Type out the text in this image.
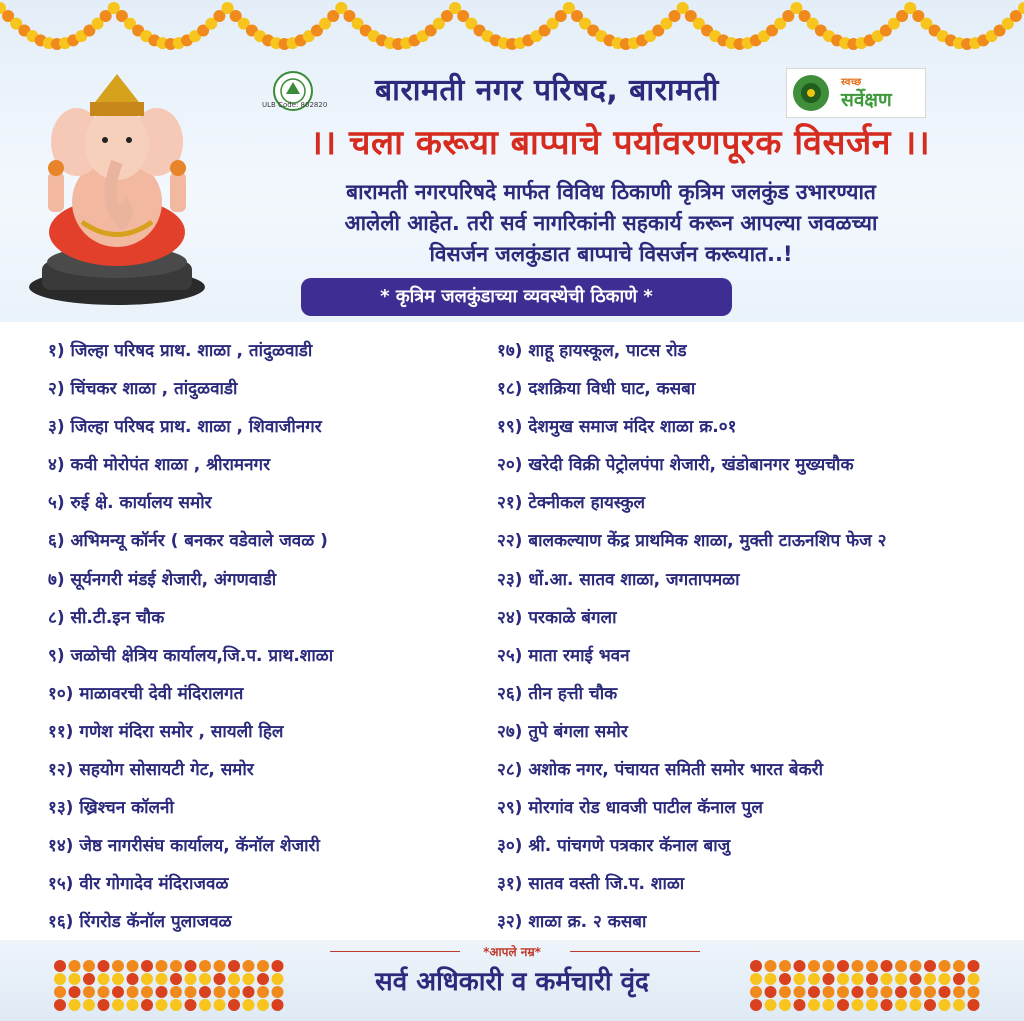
ULB Code: 802820	बारामती नगर परिषद, बारामती	स्वच्छ
सर्वेक्षण
।। चला करूया बाप्पाचे पर्यावरणपूरक विसर्जन ।।
बारामती नगरपरिषदे मार्फत विविध ठिकाणी कृत्रिम जलकुंड उभारण्यात
आलेली आहेत. तरी सर्व नागरिकांनी सहकार्य करून आपल्या जवळच्या
विसर्जन जलकुंडात बाप्पाचे विसर्जन करूयात..!
* कृत्रिम जलकुंडाच्या व्यवस्थेची ठिकाणे *
१) जिल्हा परिषद प्राथ. शाळा , तांदुळवाडी
२) चिंचकर शाळा , तांदुळवाडी
३) जिल्हा परिषद प्राथ. शाळा , शिवाजीनगर
४) कवी मोरोपंत शाळा , श्रीरामनगर
५) रुई क्षे. कार्यालय समोर
६) अभिमन्यू कॉर्नर ( बनकर वडेवाले जवळ )
७) सूर्यनगरी मंडई शेजारी, अंगणवाडी
८) सी.टी.इन चौक
९) जळोची क्षेत्रिय कार्यालय,जि.प. प्राथ.शाळा
१०) माळावरची देवी मंदिरालगत
११) गणेश मंदिरा समोर , सायली हिल
१२) सहयोग सोसायटी गेट, समोर
१३) ख्रिश्चन कॉलनी
१४) जेष्ठ नागरीसंघ कार्यालय, कॅनॉल शेजारी
१५) वीर गोगादेव मंदिराजवळ
१६) रिंगरोड कॅनॉल पुलाजवळ
१७) शाहू हायस्कूल, पाटस रोड
१८) दशक्रिया विधी घाट, कसबा
१९) देशमुख समाज मंदिर शाळा क्र.०१
२०) खरेदी विक्री पेट्रोलपंपा शेजारी, खंडोबानगर मुख्यचौक
२१) टेक्नीकल हायस्कुल
२२) बालकल्याण केंद्र प्राथमिक शाळा, मुक्ती टाऊनशिप फेज २
२३) धों.आ. सातव शाळा, जगतापमळा
२४) परकाळे बंगला
२५) माता रमाई भवन
२६) तीन हत्ती चौक
२७) तुपे बंगला समोर
२८) अशोक नगर, पंचायत समिती समोर भारत बेकरी
२९) मोरगांव रोड धावजी पाटील कॅनाल पुल
३०) श्री. पांचगणे पत्रकार कॅनाल बाजु
३१) सातव वस्ती जि.प. शाळा
३२) शाळा क्र. २ कसबा
*आपले नम्र*
सर्व अधिकारी व कर्मचारी वृंद
